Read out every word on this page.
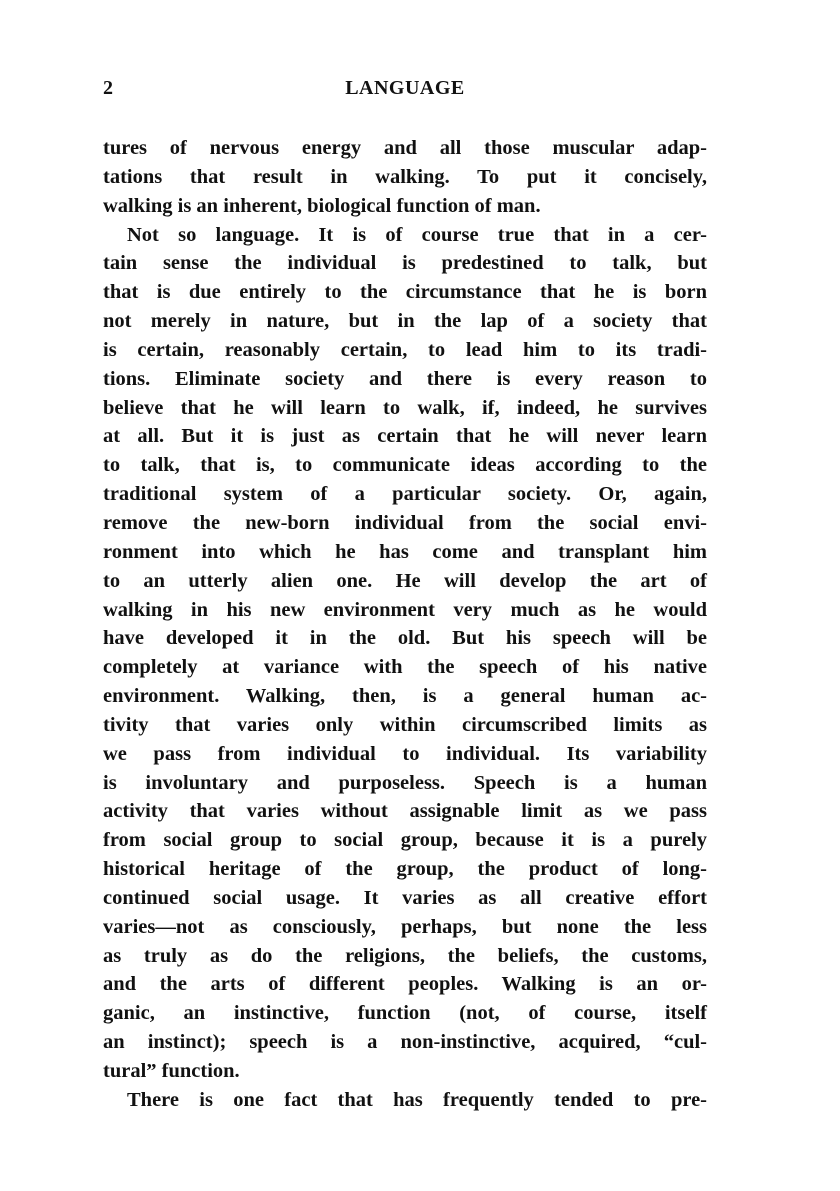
2	LANGUAGE
tures of nervous energy and all those muscular adap-
tations that result in walking. To put it concisely,
walking is an inherent, biological function of man.
Not so language. It is of course true that in a cer-
tain sense the individual is predestined to talk, but
that is due entirely to the circumstance that he is born
not merely in nature, but in the lap of a society that
is certain, reasonably certain, to lead him to its tradi-
tions. Eliminate society and there is every reason to
believe that he will learn to walk, if, indeed, he survives
at all. But it is just as certain that he will never learn
to talk, that is, to communicate ideas according to the
traditional system of a particular society. Or, again,
remove the new-born individual from the social envi-
ronment into which he has come and transplant him
to an utterly alien one. He will develop the art of
walking in his new environment very much as he would
have developed it in the old. But his speech will be
completely at variance with the speech of his native
environment. Walking, then, is a general human ac-
tivity that varies only within circumscribed limits as
we pass from individual to individual. Its variability
is involuntary and purposeless. Speech is a human
activity that varies without assignable limit as we pass
from social group to social group, because it is a purely
historical heritage of the group, the product of long-
continued social usage. It varies as all creative effort
varies—not as consciously, perhaps, but none the less
as truly as do the religions, the beliefs, the customs,
and the arts of different peoples. Walking is an or-
ganic, an instinctive, function (not, of course, itself
an instinct); speech is a non-instinctive, acquired, “cul-
tural” function.
There is one fact that has frequently tended to pre-
